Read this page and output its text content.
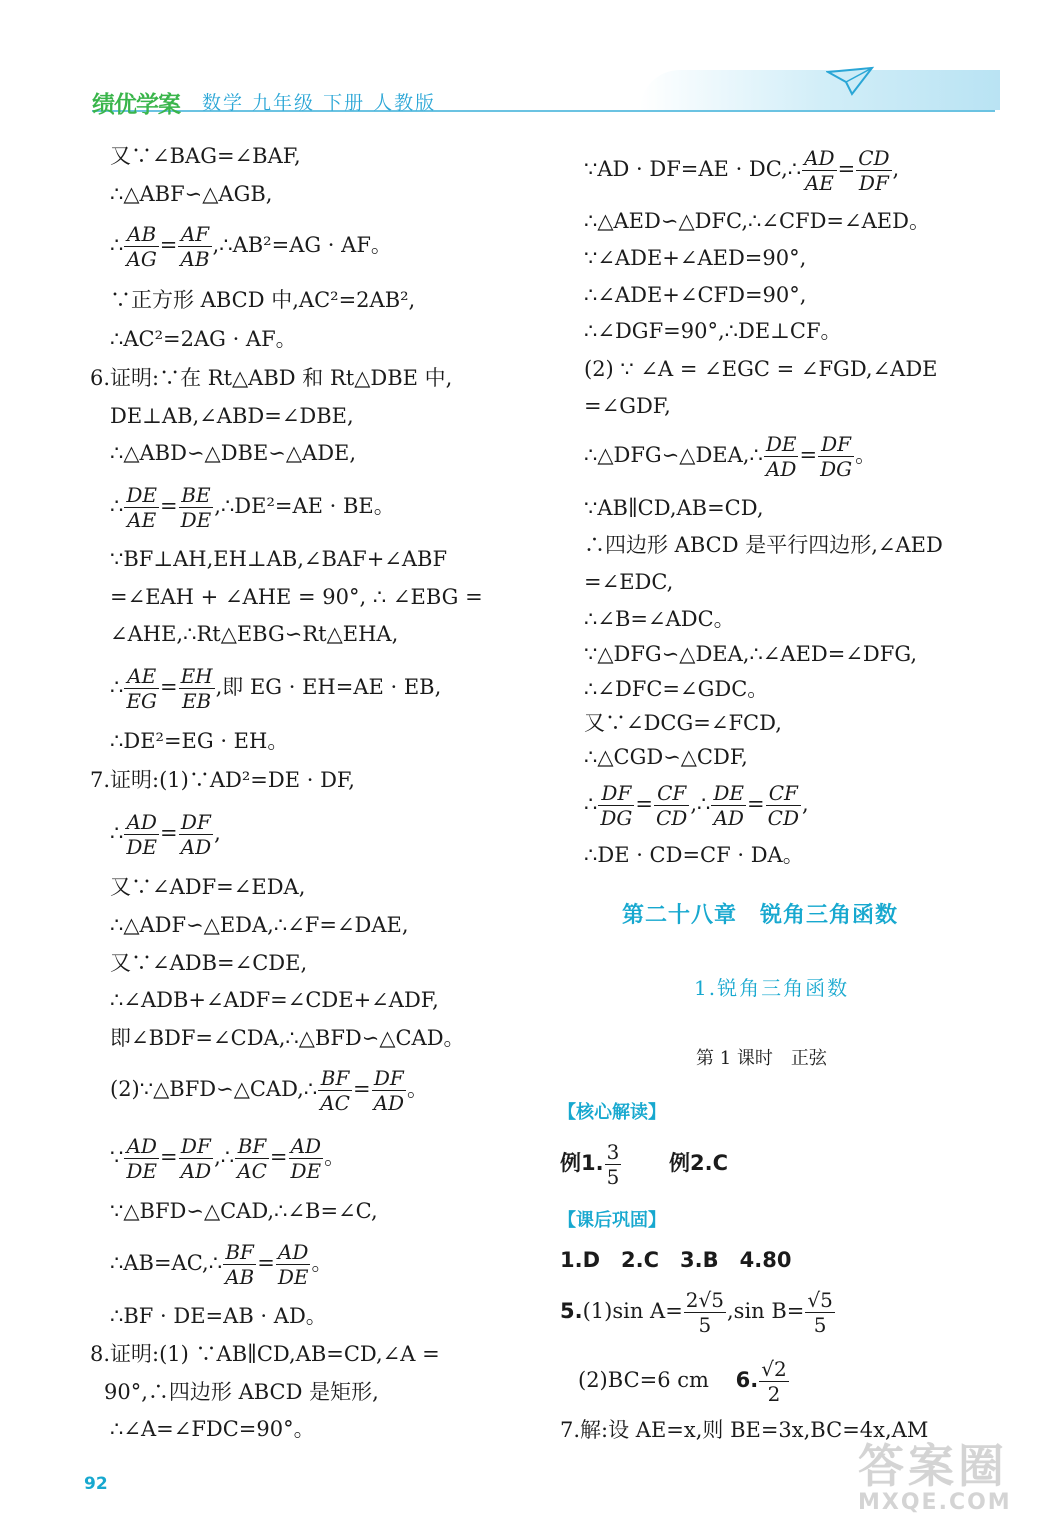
绩优学案 数学 九年级 下册 人教版
又∵∠BAG=∠BAF,
∴△ABF∽△AGB,
∴ $\frac{AB}{AG} = \frac{AF}{AB}$ ,∴AB²=AG · AF。
∵正方形 ABCD 中,AC²=2AB²,
∴AC²=2AG · AF。
6.证明:∵在 Rt△ABD 和 Rt△DBE 中,
DE⊥AB,∠ABD=∠DBE,
∴△ABD∽△DBE∽△ADE,
∴ $\frac{DE}{AE} = \frac{BE}{DE}$ ,∴DE²=AE · BE。
∵BF⊥AH,EH⊥AB,∠BAF+∠ABF
=∠EAH + ∠AHE = 90°, ∴ ∠EBG =
∠AHE,∴Rt△EBG∽Rt△EHA,
∴ $\frac{AE}{EG} = \frac{EH}{EB}$ ,即 EG · EH=AE · EB,
∴DE²=EG · EH。
7.证明:(1)∵AD²=DE · DF,
∴ $\frac{AD}{DE} = \frac{DF}{AD}$ ,
又∵∠ADF=∠EDA,
∴△ADF∽△EDA,∴∠F=∠DAE,
又∵∠ADB=∠CDE,
∴∠ADB+∠ADF=∠CDE+∠ADF,
即∠BDF=∠CDA,∴△BFD∽△CAD。
(2)∵△BFD∽△CAD,∴ $\frac{BF}{AC} = \frac{DF}{AD}$ 。
∵ $\frac{AD}{DE} = \frac{DF}{AD}$ ,∴ $\frac{BF}{AC} = \frac{AD}{DE}$ 。
∵△BFD∽△CAD,∴∠B=∠C,
∴AB=AC,∴ $\frac{BF}{AB} = \frac{AD}{DE}$ 。
∴BF · DE=AB · AD。
8.证明:(1) ∵AB∥CD,AB=CD,∠A =
90°,∴四边形 ABCD 是矩形,
∴∠A=∠FDC=90°。
∵AD · DF=AE · DC,∴ $\frac{AD}{AE} = \frac{CD}{DF}$ ,
∴△AED∽△DFC,∴∠CFD=∠AED。
∵∠ADE+∠AED=90°,
∴∠ADE+∠CFD=90°,
∴∠DGF=90°,∴DE⊥CF。
(2) ∵ ∠A = ∠EGC = ∠FGD,∠ADE
=∠GDF,
∴△DFG∽△DEA,∴ $\frac{DE}{AD} = \frac{DF}{DG}$ 。
∵AB∥CD,AB=CD,
∴四边形 ABCD 是平行四边形,∠AED
=∠EDC,
∴∠B=∠ADC。
∵△DFG∽△DEA,∴∠AED=∠DFG,
∴∠DFC=∠GDC。
又∵∠DCG=∠FCD,
∴△CGD∽△CDF,
∴ $\frac{DF}{DG} = \frac{CF}{CD}$ ,∴ $\frac{DE}{AD} = \frac{CF}{CD}$ ,
∴DE · CD=CF · DA。
第二十八章　锐角三角函数
1.锐角三角函数
第 1 课时　正弦
【核心解读】
例1. $\frac{3}{5}$ 例2.C
【课后巩固】
1.D　2.C　3.B　4.80
5.(1)sin $A= \frac{2√5}{5} ,\sin$ $B= \frac{√5}{5}$
(2)BC=6 cm 6. $\frac{√2}{2}$
7.解:设 AE=x,则 BE=3x,BC=4x,AM
92	答案圈
MXQE.COM
